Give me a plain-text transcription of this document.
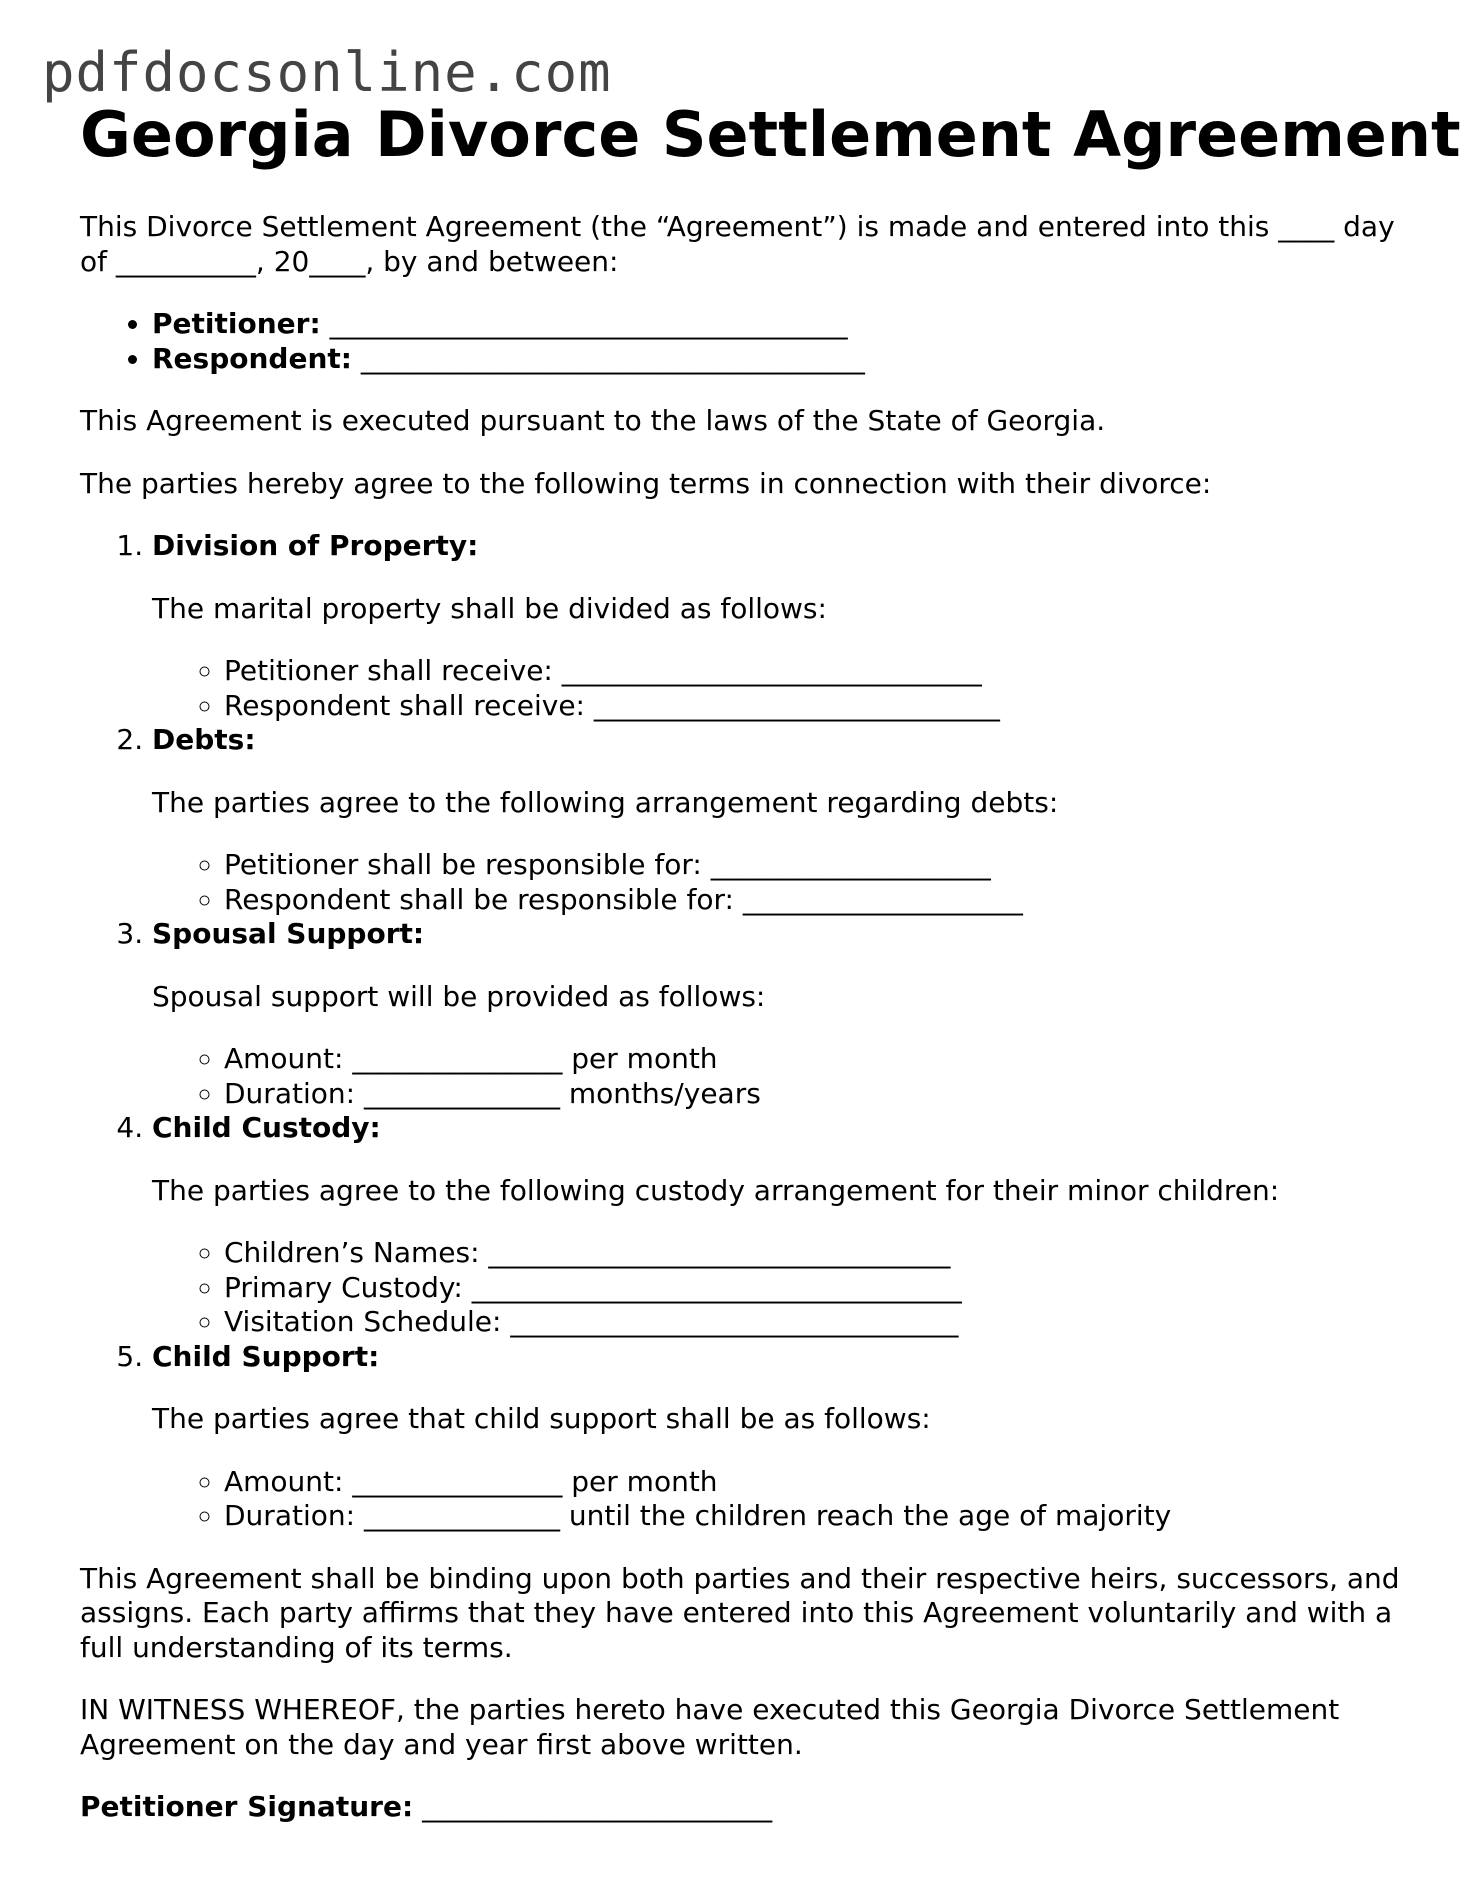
pdfdocsonline.com
Georgia Divorce Settlement Agreement

This Divorce Settlement Agreement (the “Agreement”) is made and entered into this ____ day of __________, 20____, by and between:

• Petitioner: _____________________________________
• Respondent: ____________________________________

This Agreement is executed pursuant to the laws of the State of Georgia.

The parties hereby agree to the following terms in connection with their divorce:

1. Division of Property:

The marital property shall be divided as follows:

◦ Petitioner shall receive: ______________________________
◦ Respondent shall receive: _____________________________
2. Debts:

The parties agree to the following arrangement regarding debts:

◦ Petitioner shall be responsible for: ____________________
◦ Respondent shall be responsible for: ____________________
3. Spousal Support:

Spousal support will be provided as follows:

◦ Amount: _______________ per month
◦ Duration: ______________ months/years
4. Child Custody:

The parties agree to the following custody arrangement for their minor children:

◦ Children’s Names: _________________________________
◦ Primary Custody: ___________________________________
◦ Visitation Schedule: ________________________________
5. Child Support:

The parties agree that child support shall be as follows:

◦ Amount: _______________ per month
◦ Duration: ______________ until the children reach the age of majority

This Agreement shall be binding upon both parties and their respective heirs, successors, and assigns. Each party affirms that they have entered into this Agreement voluntarily and with a full understanding of its terms.

IN WITNESS WHEREOF, the parties hereto have executed this Georgia Divorce Settlement Agreement on the day and year first above written.

Petitioner Signature: _________________________
